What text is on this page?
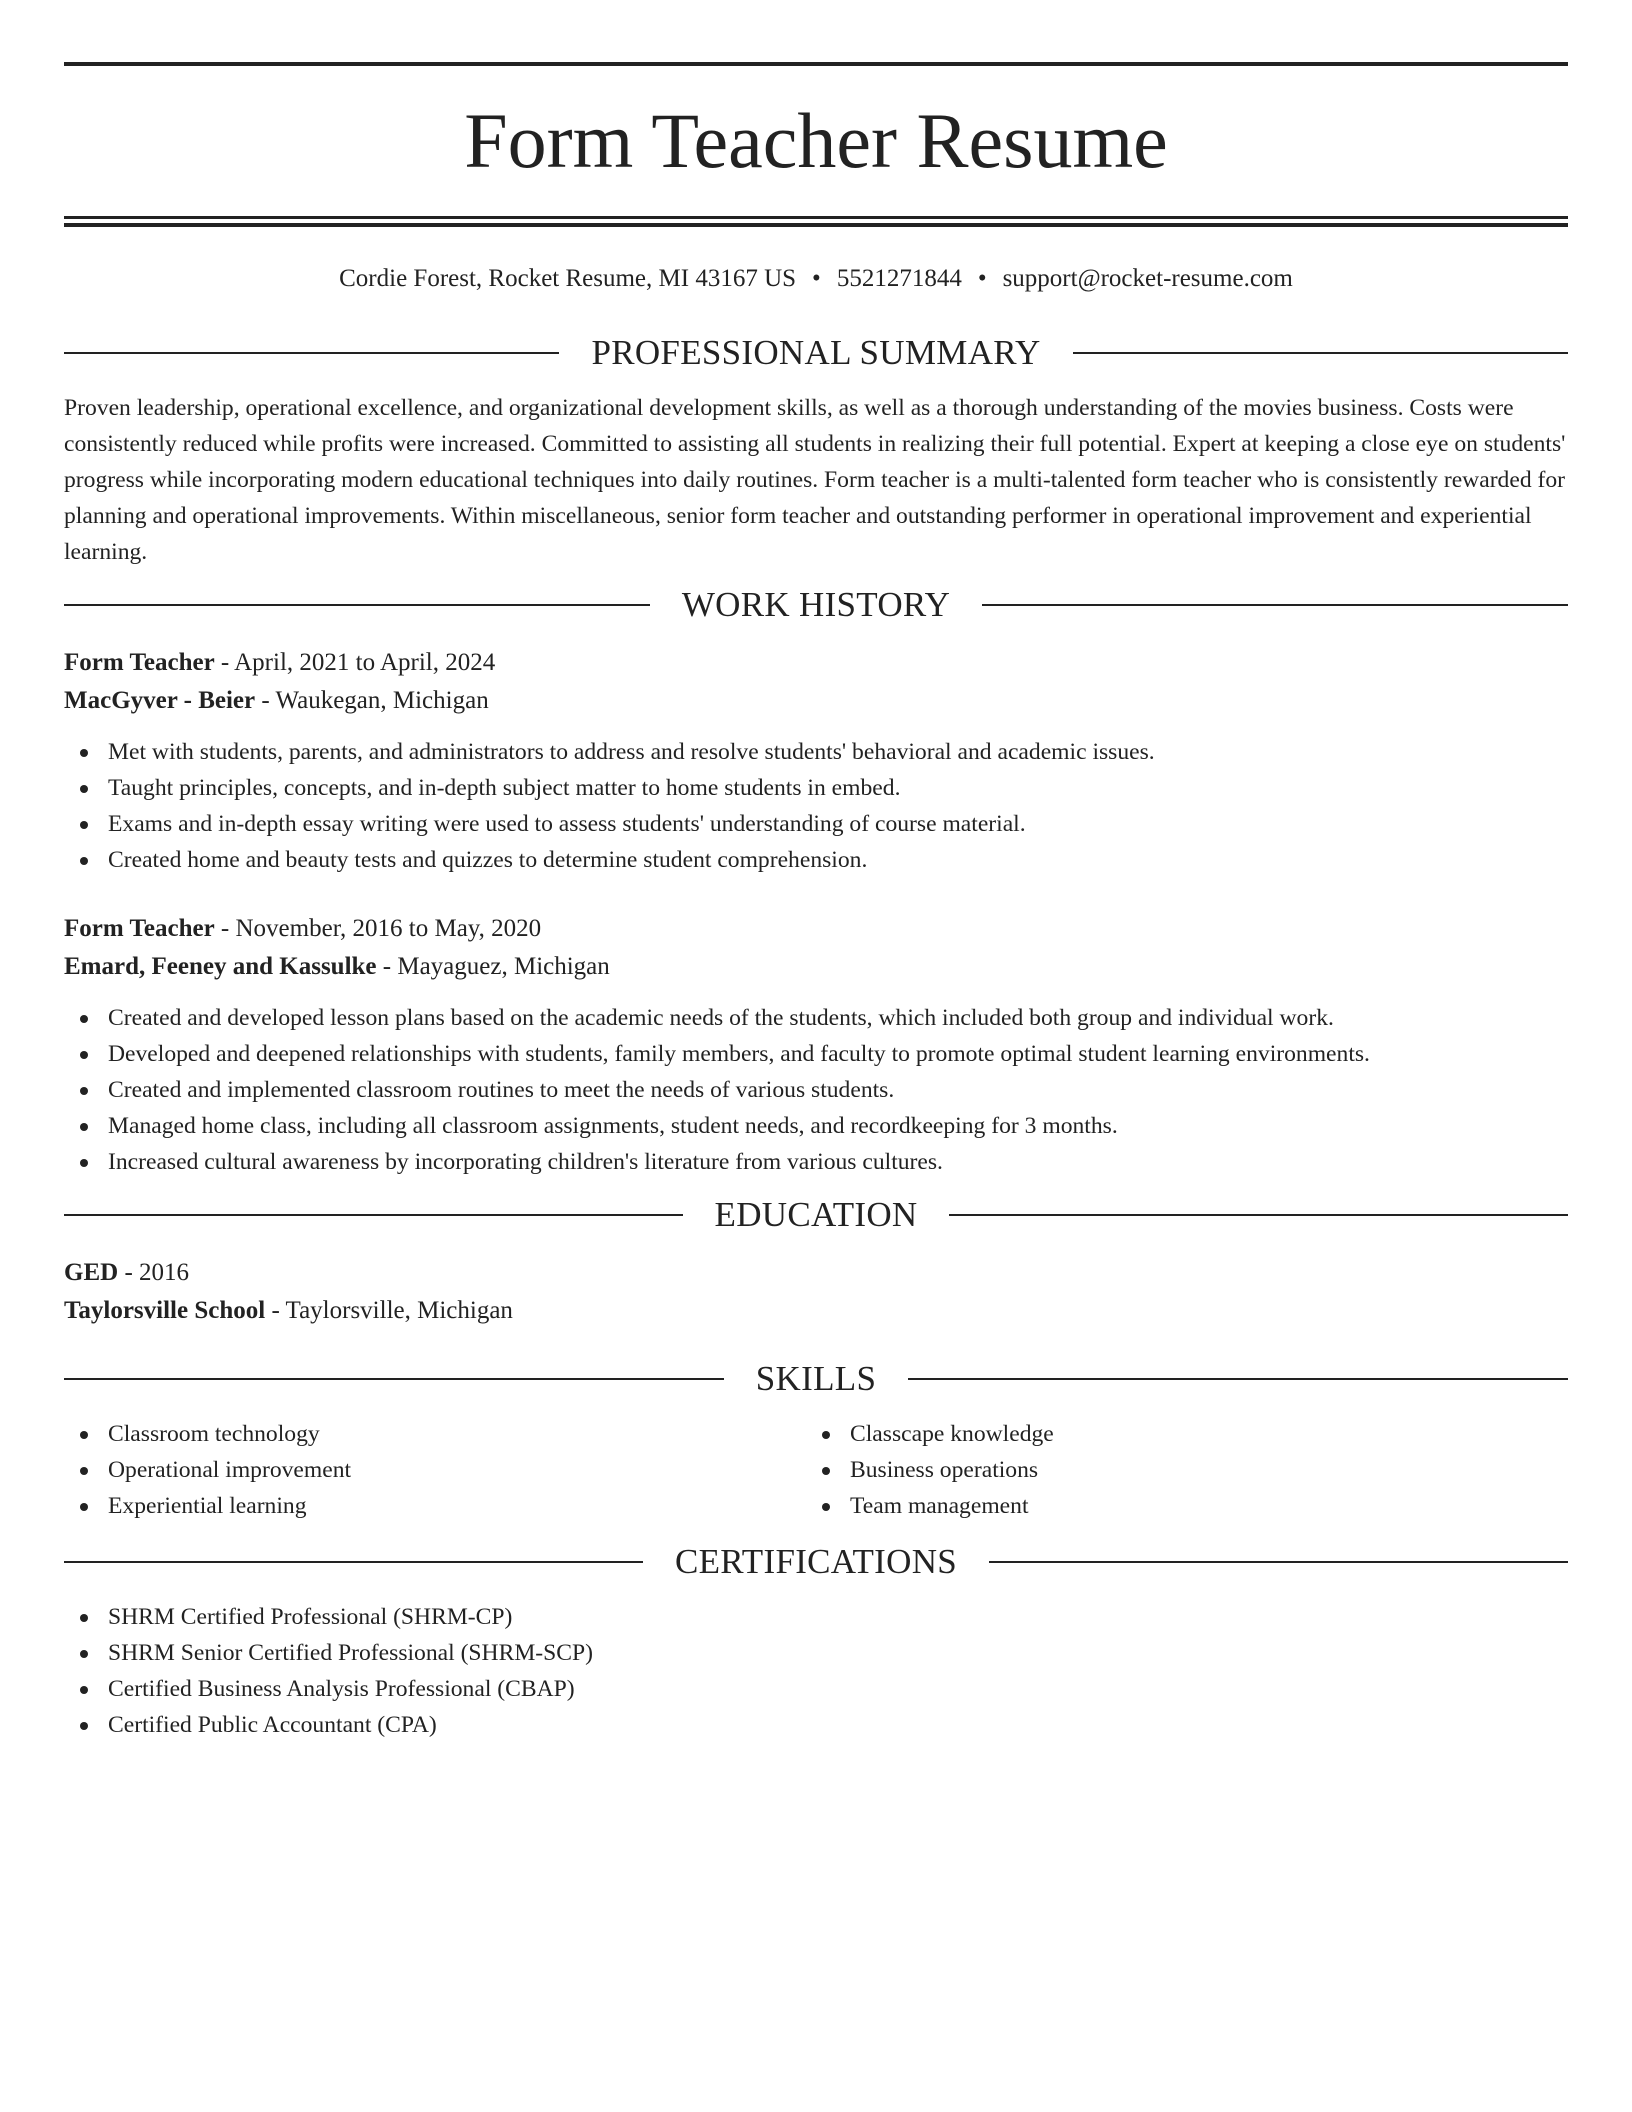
Form Teacher Resume
Cordie Forest, Rocket Resume, MI 43167 US • 5521271844 • support@rocket-resume.com
PROFESSIONAL SUMMARY

Proven leadership, operational excellence, and organizational development skills, as well as a thorough understanding of the movies business. Costs were consistently reduced while profits were increased. Committed to assisting all students in realizing their full potential. Expert at keeping a close eye on students' progress while incorporating modern educational techniques into daily routines. Form teacher is a multi-talented form teacher who is consistently rewarded for planning and operational improvements. Within miscellaneous, senior form teacher and outstanding performer in operational improvement and experiential learning.

WORK HISTORY
Form Teacher - April, 2021 to April, 2024
MacGyver - Beier - Waukegan, Michigan
Met with students, parents, and administrators to address and resolve students' behavioral and academic issues.
Taught principles, concepts, and in-depth subject matter to home students in embed.
Exams and in-depth essay writing were used to assess students' understanding of course material.
Created home and beauty tests and quizzes to determine student comprehension.
Form Teacher - November, 2016 to May, 2020
Emard, Feeney and Kassulke - Mayaguez, Michigan
Created and developed lesson plans based on the academic needs of the students, which included both group and individual work.
Developed and deepened relationships with students, family members, and faculty to promote optimal student learning environments.
Created and implemented classroom routines to meet the needs of various students.
Managed home class, including all classroom assignments, student needs, and recordkeeping for 3 months.
Increased cultural awareness by incorporating children's literature from various cultures.
EDUCATION
GED - 2016
Taylorsville School - Taylorsville, Michigan
SKILLS
Classroom technology
Operational improvement
Experiential learning
Classcape knowledge
Business operations
Team management
CERTIFICATIONS
SHRM Certified Professional (SHRM-CP)
SHRM Senior Certified Professional (SHRM-SCP)
Certified Business Analysis Professional (CBAP)
Certified Public Accountant (CPA)
